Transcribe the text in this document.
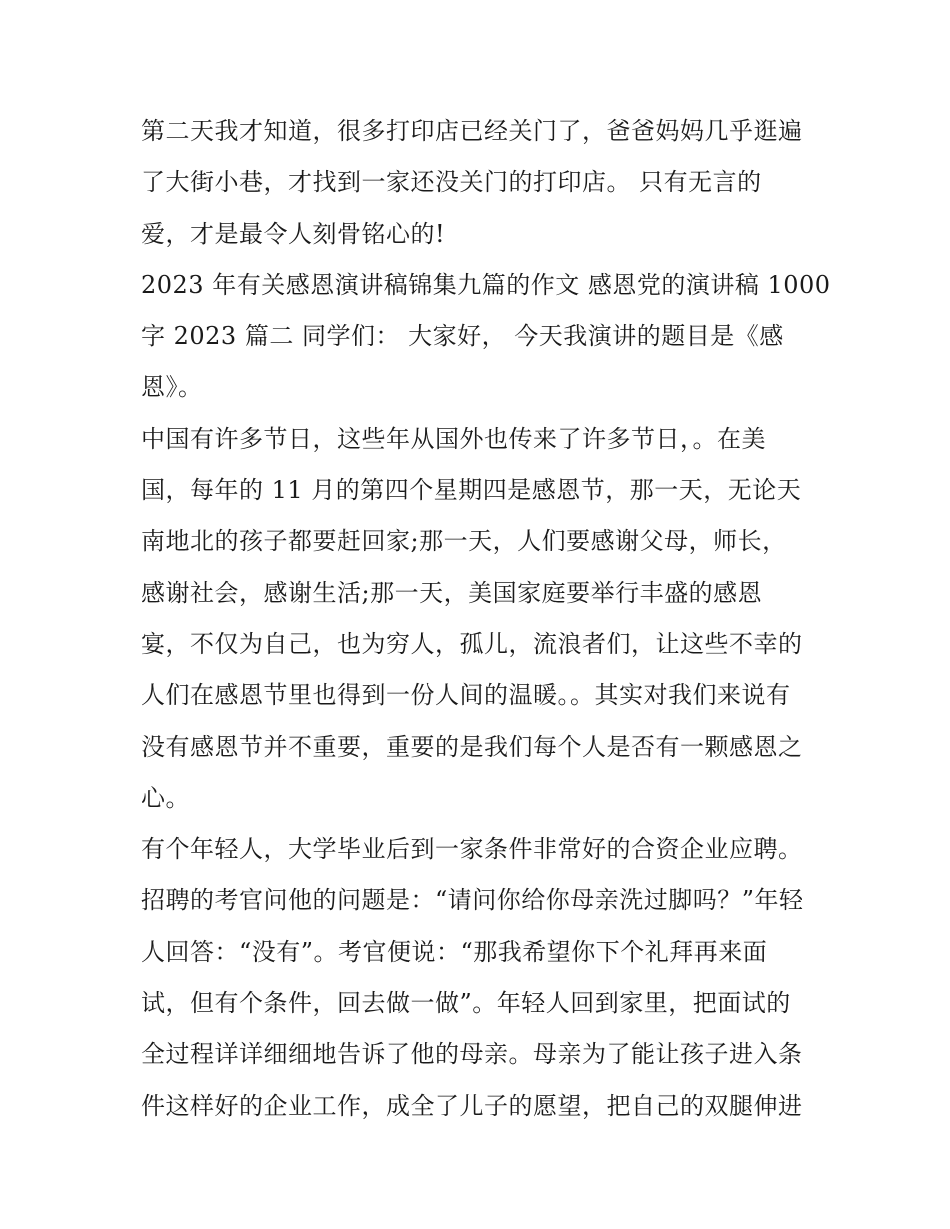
第二天我才知道，很多打印店已经关门了，爸爸妈妈几乎逛遍
了大街小巷，才找到一家还没关门的打印店。 只有无言的
爱，才是最令人刻骨铭心的!
2023 年有关感恩演讲稿锦集九篇的作文 感恩党的演讲稿 1000
字 2023 篇二 同学们： 大家好， 今天我演讲的题目是《感
恩》。
中国有许多节日，这些年从国外也传来了许多节日，。在美
国，每年的 11 月的第四个星期四是感恩节，那一天，无论天
南地北的孩子都要赶回家;那一天，人们要感谢父母，师长，
感谢社会，感谢生活;那一天，美国家庭要举行丰盛的感恩
宴，不仅为自己，也为穷人，孤儿，流浪者们，让这些不幸的
人们在感恩节里也得到一份人间的温暖。。其实对我们来说有
没有感恩节并不重要，重要的是我们每个人是否有一颗感恩之
心。
有个年轻人，大学毕业后到一家条件非常好的合资企业应聘。
招聘的考官问他的问题是：“请问你给你母亲洗过脚吗？”年轻
人回答：“没有”。考官便说：“那我希望你下个礼拜再来面
试，但有个条件，回去做一做”。年轻人回到家里，把面试的
全过程详详细细地告诉了他的母亲。母亲为了能让孩子进入条
件这样好的企业工作，成全了儿子的愿望，把自己的双腿伸进
